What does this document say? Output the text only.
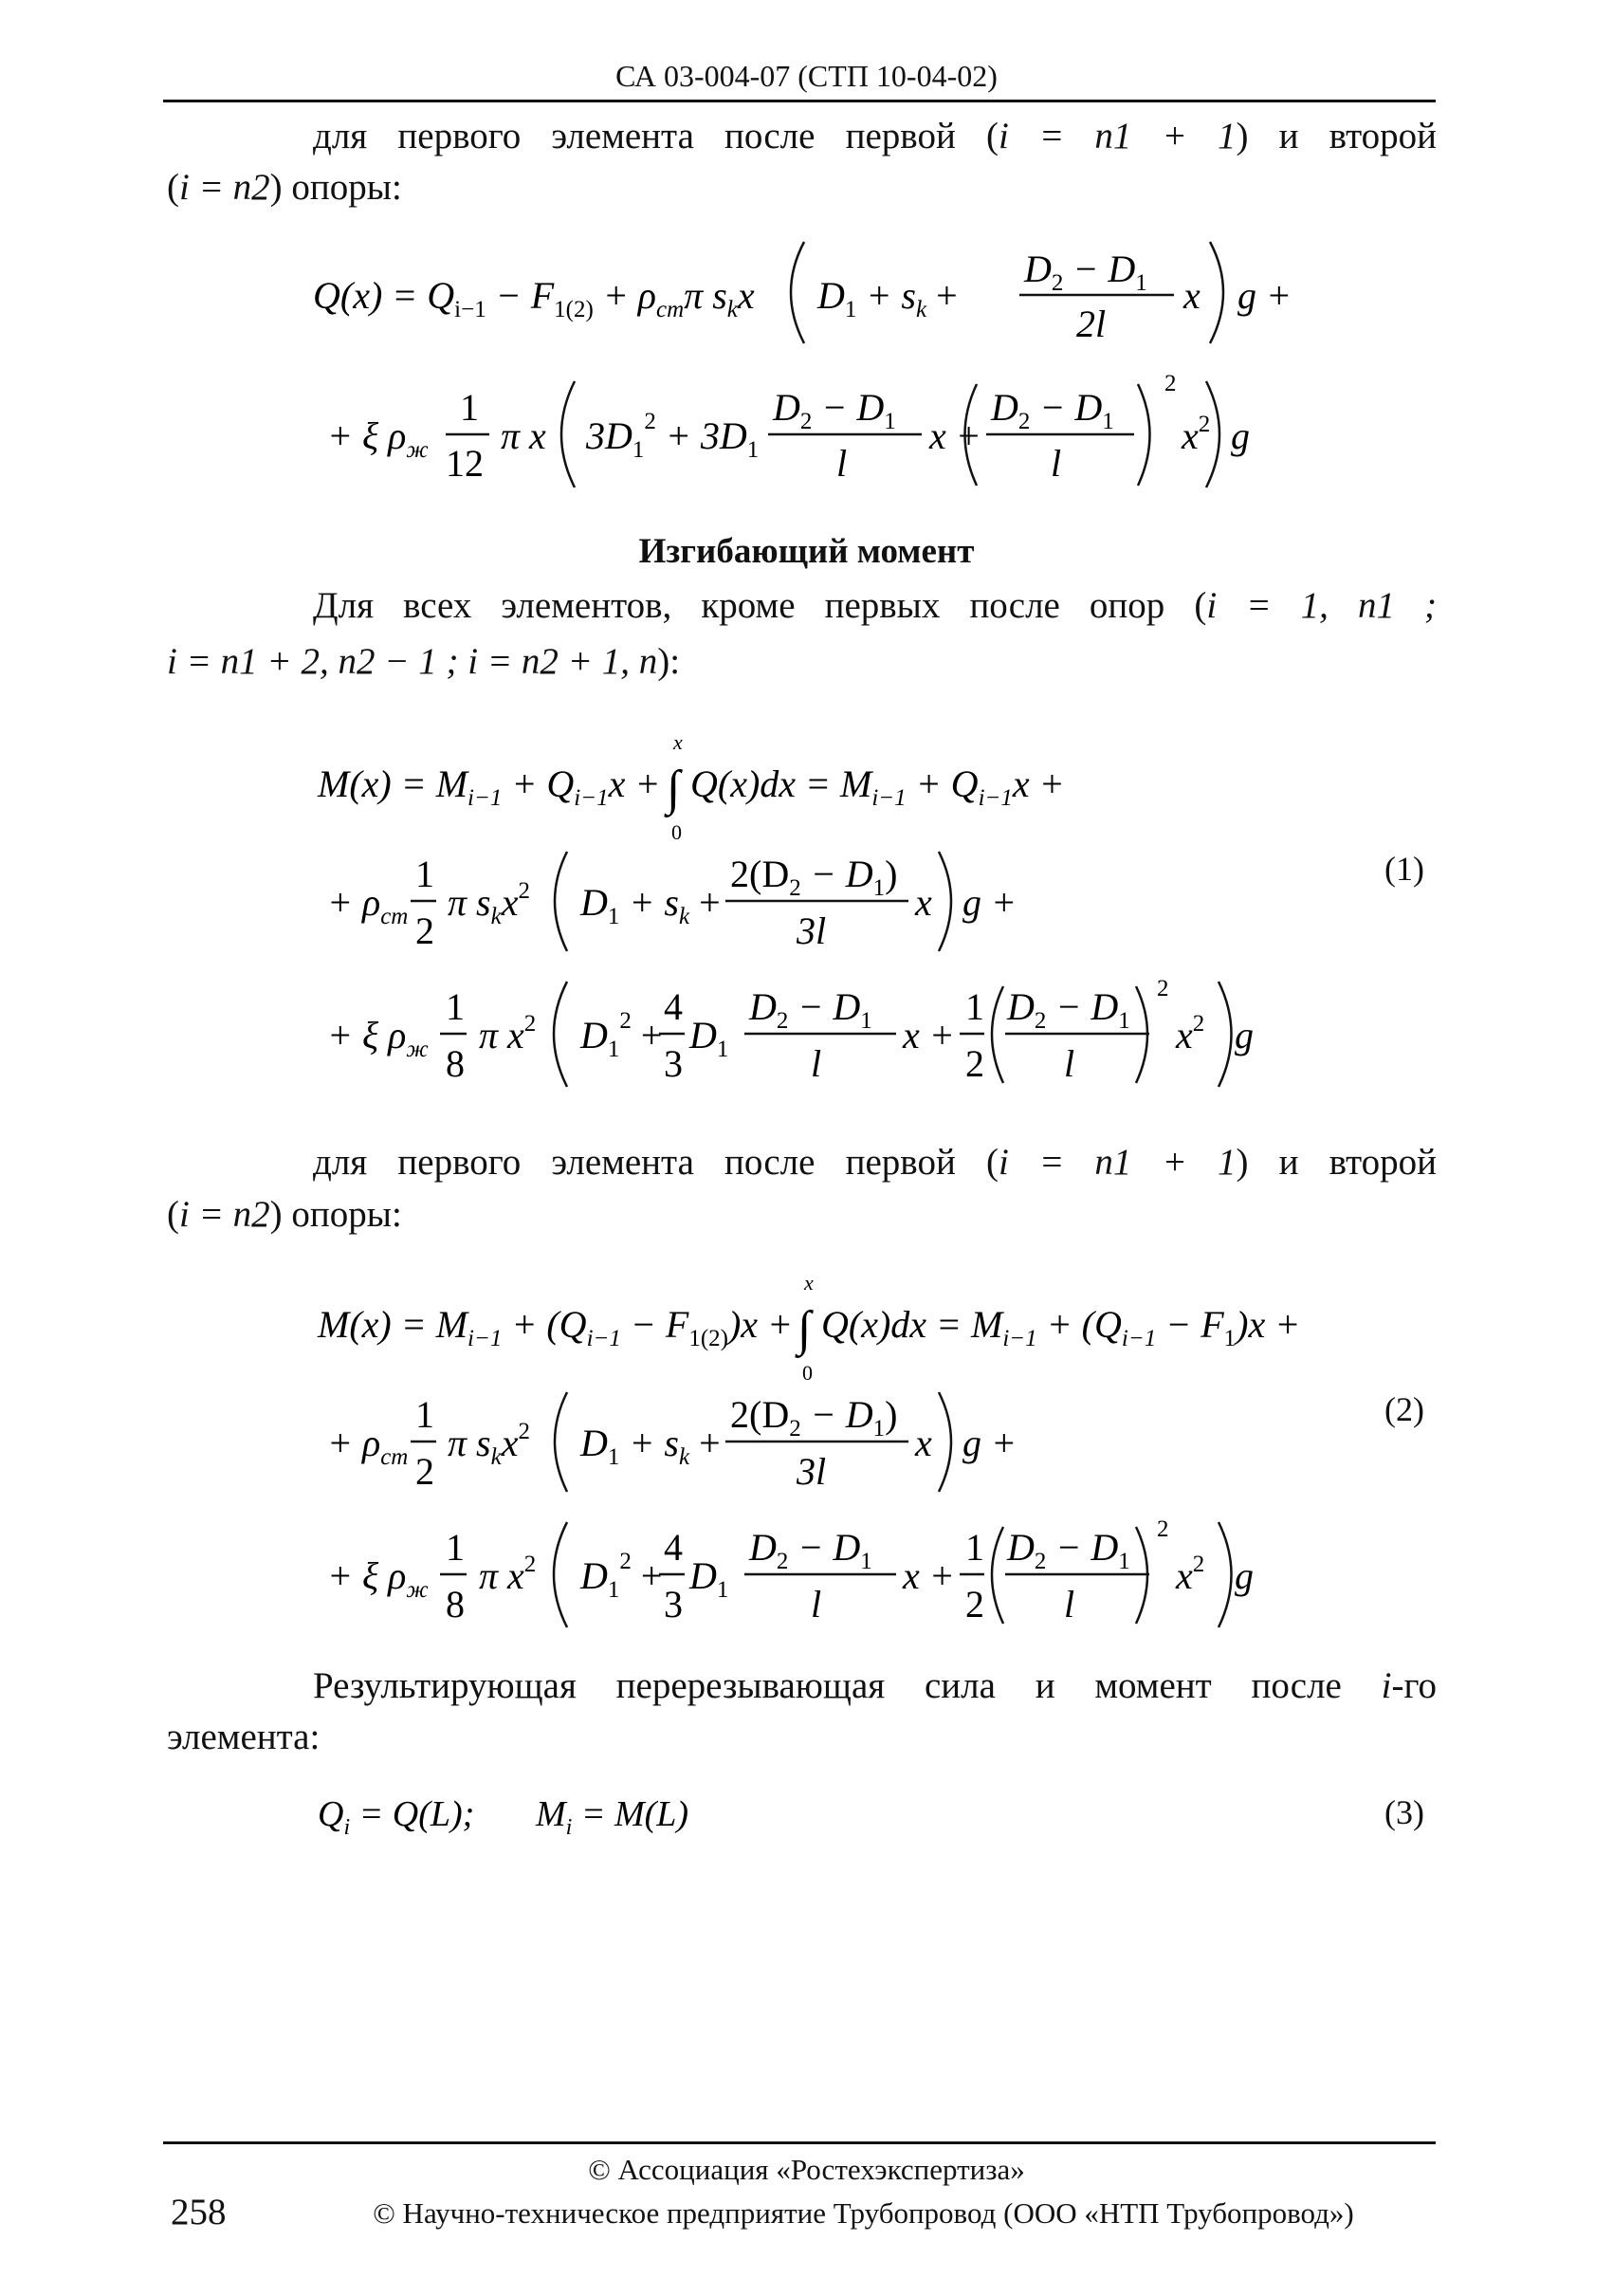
СА 03-004-07 (СТП 10-04-02)
для первого элемента после первой (i = n1 + 1) и второй
(i = n2) опоры:
$Q(x) = Q_{i-1} - F_{1(2)} + \rho_{cm}\pi$ $s_kx$ $D_1 + s_k$ +
$D_2 - D_1$
2l
x g +
+ ξ $\rho_ж$
1
12
π x $3D_1^2 + 3D_1$
$D_2 - D_1$
l
x +
$D_2 - D_1$
l
2
$x^2$ g
Изгибающий момент
Для всех элементов, кроме первых после опор (i = 1, n1 ;
i = n1 + 2, n2 − 1 ; i = n2 + 1, n):
$M(x) = M_{i-1} + Q_{i-1}x$ +
x
0
∫ $Q(x)dx = M_{i-1} + Q_{i-1}x$ +
+ $\rho_{cm}$
1
2
π $s_kx^2$ $D_1 + s_k$ +
$2(D_2 - D_1)$
3l
x g +
+ ξ $\rho_ж$
1
8
π $x^2$ $D_1^2$ +
4
3
$D_1$
$D_2 - D_1$
l
x +
1
2
$D_2 - D_1$
l
2
$x^2$ g
(1)
для первого элемента после первой (i = n1 + 1) и второй
(i = n2) опоры:
$M(x) = M_{i-1} + (Q_{i-1} - F_{1(2)})x$ +
x
0
∫ $Q(x)dx = M_{i-1} + (Q_{i-1} - F_1)x$ +
+ $\rho_{cm}$
1
2
π $s_kx^2$ $D_1 + s_k$ +
$2(D_2 - D_1)$
3l
x g +
+ ξ $\rho_ж$
1
8
π $x^2$ $D_1^2$ +
4
3
$D_1$
$D_2 - D_1$
l
x +
1
2
$D_2 - D_1$
l
2
$x^2$ g
(2)
Результирующая перерезывающая сила и момент после i-го
элемента:
$Q_i = Q(L)$; $M_i = M(L)$	(3)
© Ассоциация «Ростехэкспертиза»
258	© Научно-техническое предприятие Трубопровод (ООО «НТП Трубопровод»)
